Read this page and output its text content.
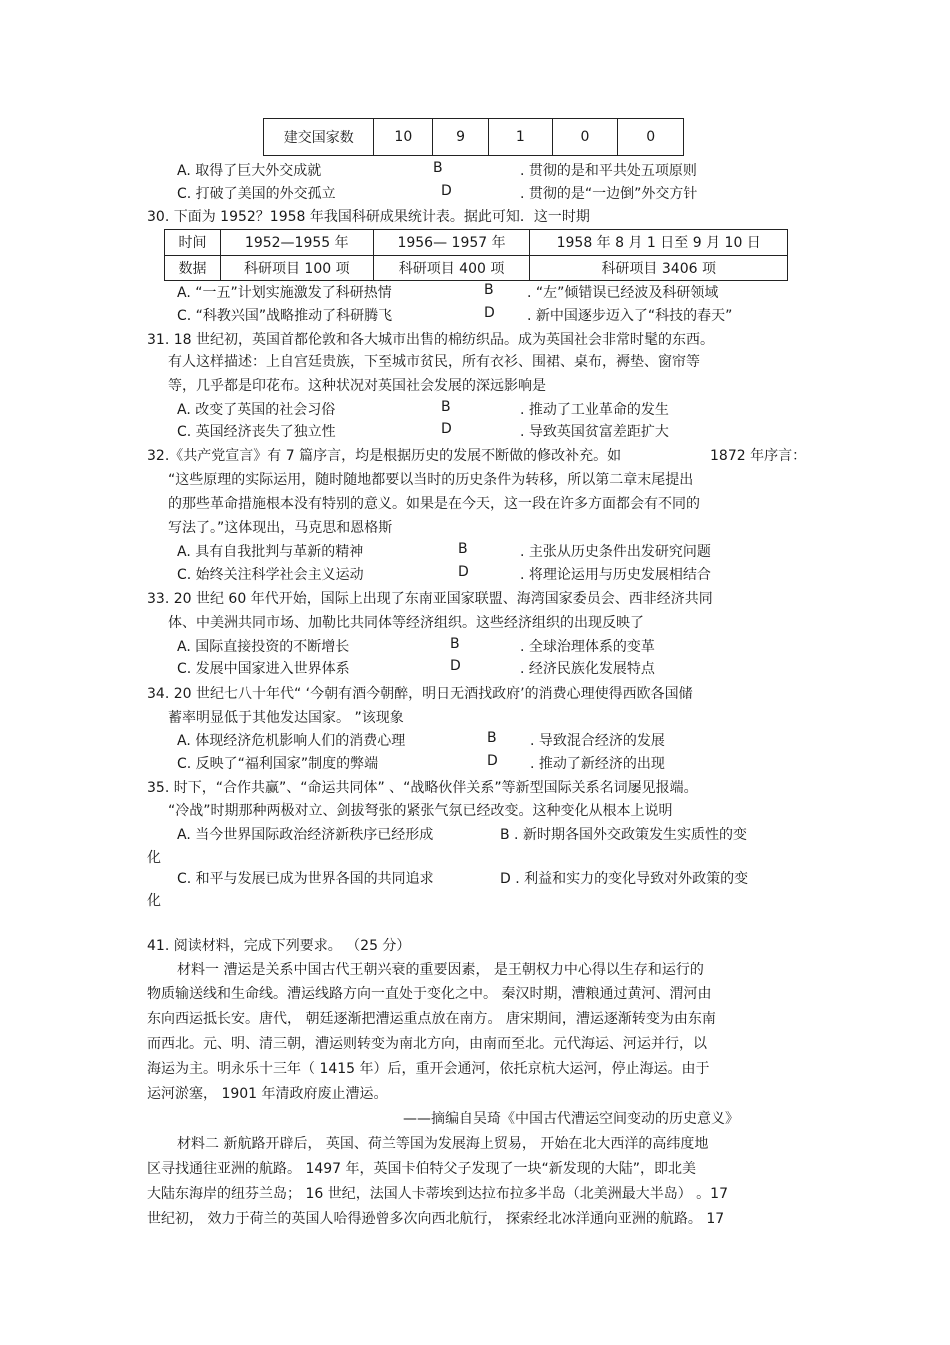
建交国家数	10	9	1	0	0
A. 取得了巨大外交成就	B	. 贯彻的是和平共处五项原则
C. 打破了美国的外交孤立	D	. 贯彻的是“一边倒”外交方针
30. 下面为 1952？1958 年我国科研成果统计表。据此可知．这一时期
时间	1952—1955 年	1956— 1957 年	1958 年 8 月 1 日至 9 月 10 日
数据	科研项目 100 项	科研项目 400 项	科研项目 3406 项
A. “一五”计划实施激发了科研热情	B . “左”倾错误已经波及科研领域
C. “科教兴国”战略推动了科研腾飞	D . 新中国逐步迈入了“科技的春天”
31. 18 世纪初，英国首都伦敦和各大城市出售的棉纺织品。成为英国社会非常时髦的东西。
有人这样描述：上自宫廷贵族，下至城市贫民，所有衣衫、围裙、桌布，褥垫、窗帘等
等，几乎都是印花布。这种状况对英国社会发展的深远影响是
A. 改变了英国的社会习俗	B	. 推动了工业革命的发生
C. 英国经济丧失了独立性	D	. 导致英国贫富差距扩大
32.《共产党宣言》有 7 篇序言，均是根据历史的发展不断做的修改补充。如	1872 年序言：
“这些原理的实际运用，随时随地都要以当时的历史条件为转移，所以第二章末尾提出
的那些革命措施根本没有特别的意义。如果是在今天，这一段在许多方面都会有不同的
写法了。”这体现出，马克思和恩格斯
A. 具有自我批判与革新的精神	B	. 主张从历史条件出发研究问题
C. 始终关注科学社会主义运动	D	. 将理论运用与历史发展相结合
33. 20 世纪 60 年代开始，国际上出现了东南亚国家联盟、海湾国家委员会、西非经济共同
体、中美洲共同市场、加勒比共同体等经济组织。这些经济组织的出现反映了
A. 国际直接投资的不断增长	B	. 全球治理体系的变革
C. 发展中国家进入世界体系	D	. 经济民族化发展特点
34. 20 世纪七八十年代“ ‘今朝有酒今朝醉，明日无酒找政府’的消费心理使得西欧各国储
蓄率明显低于其他发达国家。 ”该现象
A. 体现经济危机影响人们的消费心理	B . 导致混合经济的发展
C. 反映了“福利国家”制度的弊端	D . 推动了新经济的出现
35. 时下，“合作共赢”、“命运共同体” 、“战略伙伴关系”等新型国际关系名词屡见报端。
“冷战”时期那种两极对立、剑拔弩张的紧张气氛已经改变。这种变化从根本上说明
A. 当今世界国际政治经济新秩序已经形成	B . 新时期各国外交政策发生实质性的变
化
C. 和平与发展已成为世界各国的共同追求	D . 利益和实力的变化导致对外政策的变
化
41. 阅读材料，完成下列要求。 （25 分）
材料一 漕运是关系中国古代王朝兴衰的重要因素， 是王朝权力中心得以生存和运行的
物质输送线和生命线。漕运线路方向一直处于变化之中。 秦汉时期，漕粮通过黄河、渭河由
东向西运抵长安。唐代， 朝廷逐渐把漕运重点放在南方。 唐宋期间，漕运逐渐转变为由东南
而西北。元、明、清三朝，漕运则转变为南北方向，由南而至北。元代海运、河运并行，以
海运为主。明永乐十三年（ 1415 年）后，重开会通河，依托京杭大运河，停止海运。由于
运河淤塞， 1901 年清政府废止漕运。
——摘编自吴琦《中国古代漕运空间变动的历史意义》
材料二 新航路开辟后， 英国、荷兰等国为发展海上贸易， 开始在北大西洋的高纬度地
区寻找通往亚洲的航路。 1497 年，英国卡伯特父子发现了一块“新发现的大陆”，即北美
大陆东海岸的纽芬兰岛； 16 世纪，法国人卡蒂埃到达拉布拉多半岛（北美洲最大半岛） 。17
世纪初， 效力于荷兰的英国人哈得逊曾多次向西北航行， 探索经北冰洋通向亚洲的航路。 17
